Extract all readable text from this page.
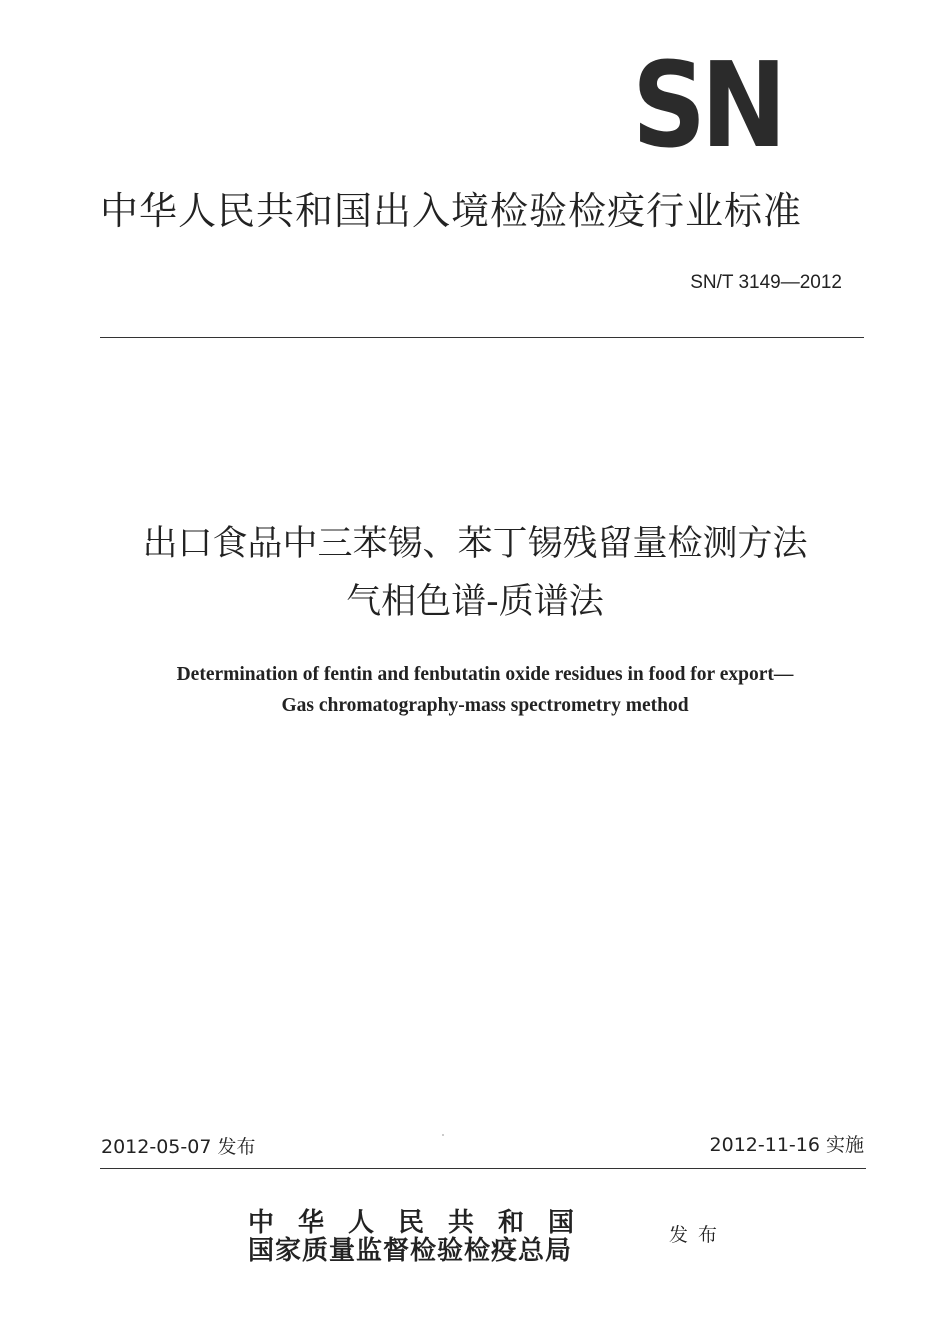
SN
中华人民共和国出入境检验检疫行业标准
SN/T 3149—2012
出口食品中三苯锡、苯丁锡残留量检测方法
气相色谱-质谱法
Determination of fentin and fenbutatin oxide residues in food for export—
Gas chromatography-mass spectrometry method
2012-05-07 发布	2012-11-16 实施
中华人民共和国
国家质量监督检验检疫总局
发布
